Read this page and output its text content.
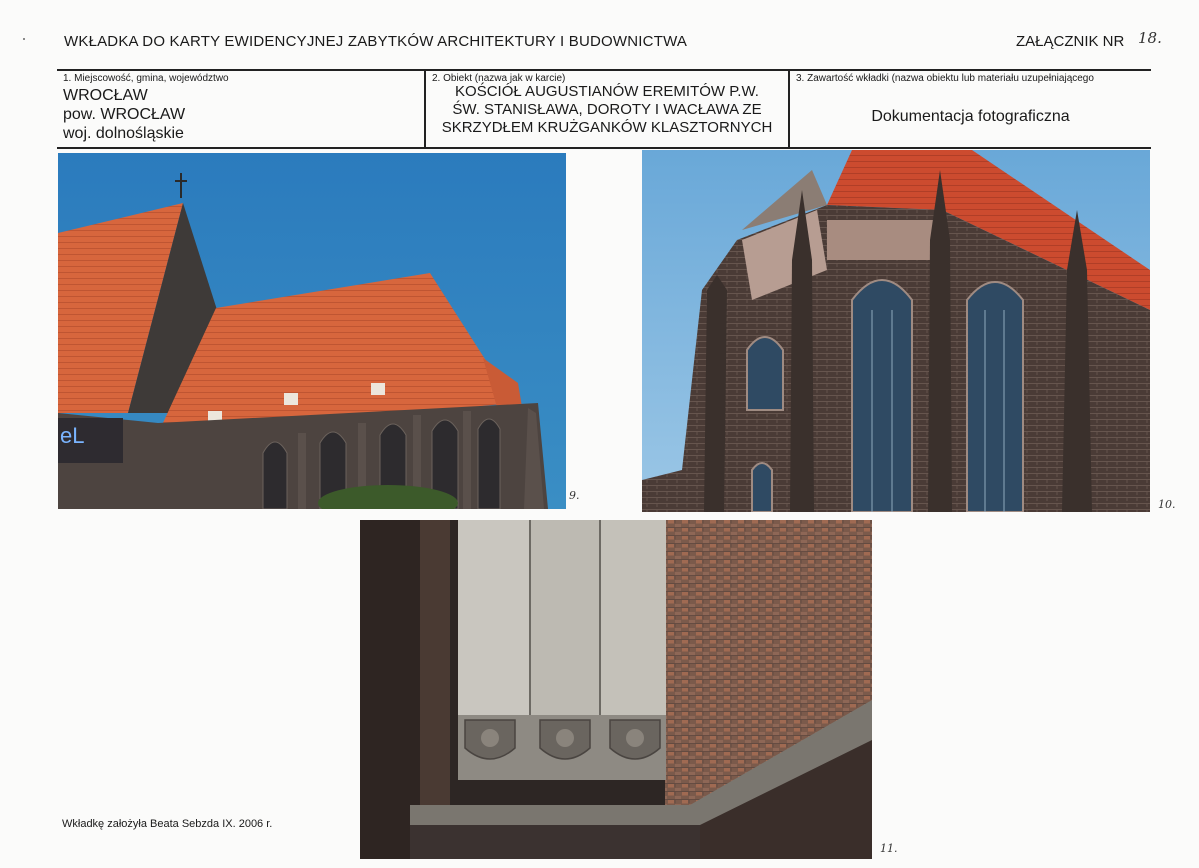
WKŁADKA DO KARTY EWIDENCYJNEJ ZABYTKÓW ARCHITEKTURY I BUDOWNICTWA	ZAŁĄCZNIK NR 18.
1. Miejscowość, gmina, województwo
WROCŁAW
pow. WROCŁAW
woj. dolnośląskie
2. Obiekt (nazwa jak w karcie)
KOŚCIÓŁ AUGUSTIANÓW EREMITÓW P.W.
ŚW. STANISŁAWA, DOROTY I WACŁAWA ZE
SKRZYDŁEM KRUŻGANKÓW KLASZTORNYCH
3. Zawartość wkładki (nazwa obiektu lub materiału uzupełniającego
Dokumentacja fotograficzna
eL
9.
10.
11.
Wkładkę założyła Beata Sebzda IX. 2006 r.
